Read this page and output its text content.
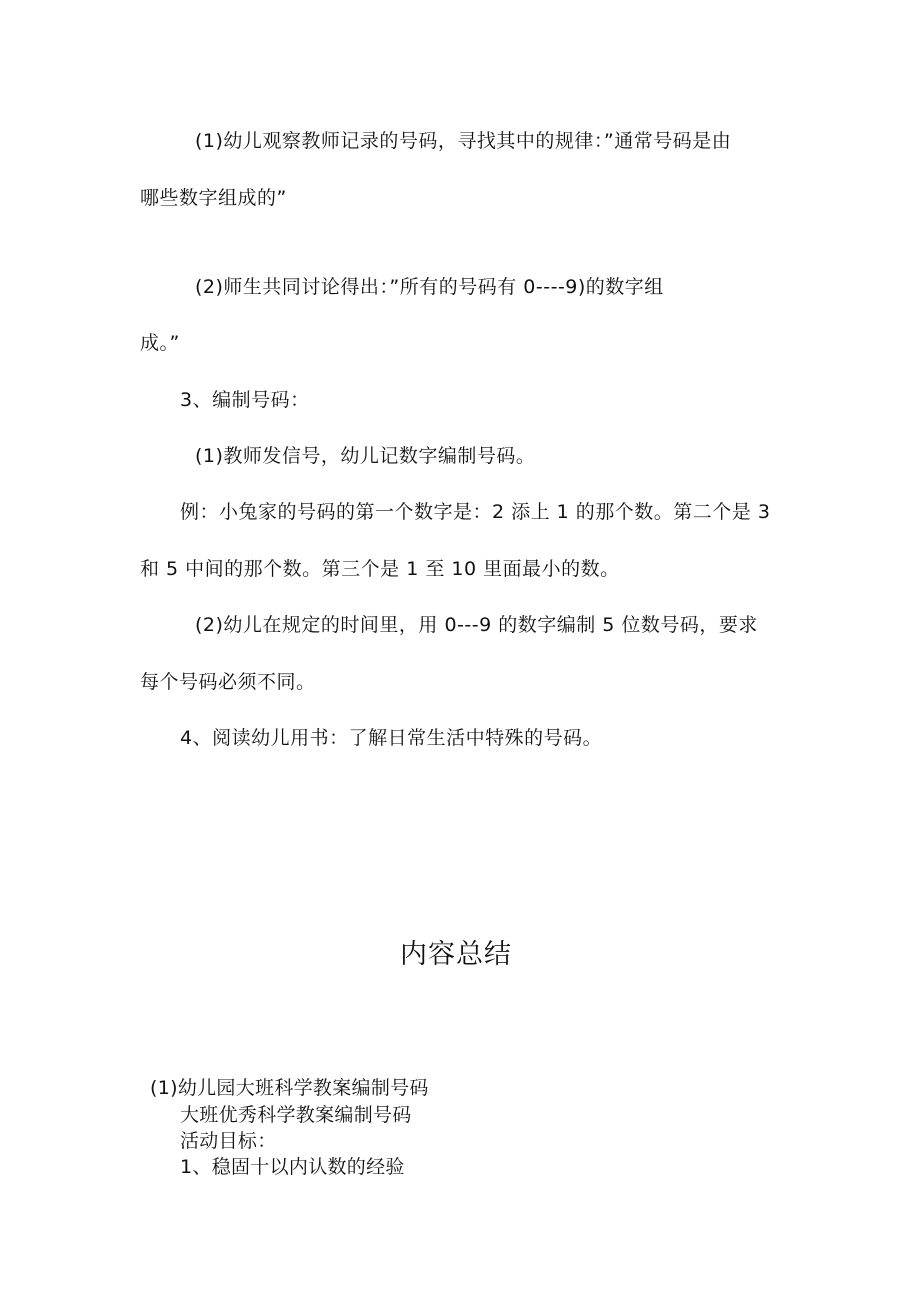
(1)幼儿观察教师记录的号码，寻找其中的规律：”通常号码是由

哪些数字组成的”

(2)师生共同讨论得出：”所有的号码有 0----9)的数字组

成。”

3、编制号码：

(1)教师发信号，幼儿记数字编制号码。

例：小兔家的号码的第一个数字是：2 添上 1 的那个数。第二个是 3

和 5 中间的那个数。第三个是 1 至 10 里面最小的数。

(2)幼儿在规定的时间里，用 0---9 的数字编制 5 位数号码，要求

每个号码必须不同。

4、阅读幼儿用书：了解日常生活中特殊的号码。

内容总结

(1)幼儿园大班科学教案编制号码

大班优秀科学教案编制号码

活动目标：

1、稳固十以内认数的经验
